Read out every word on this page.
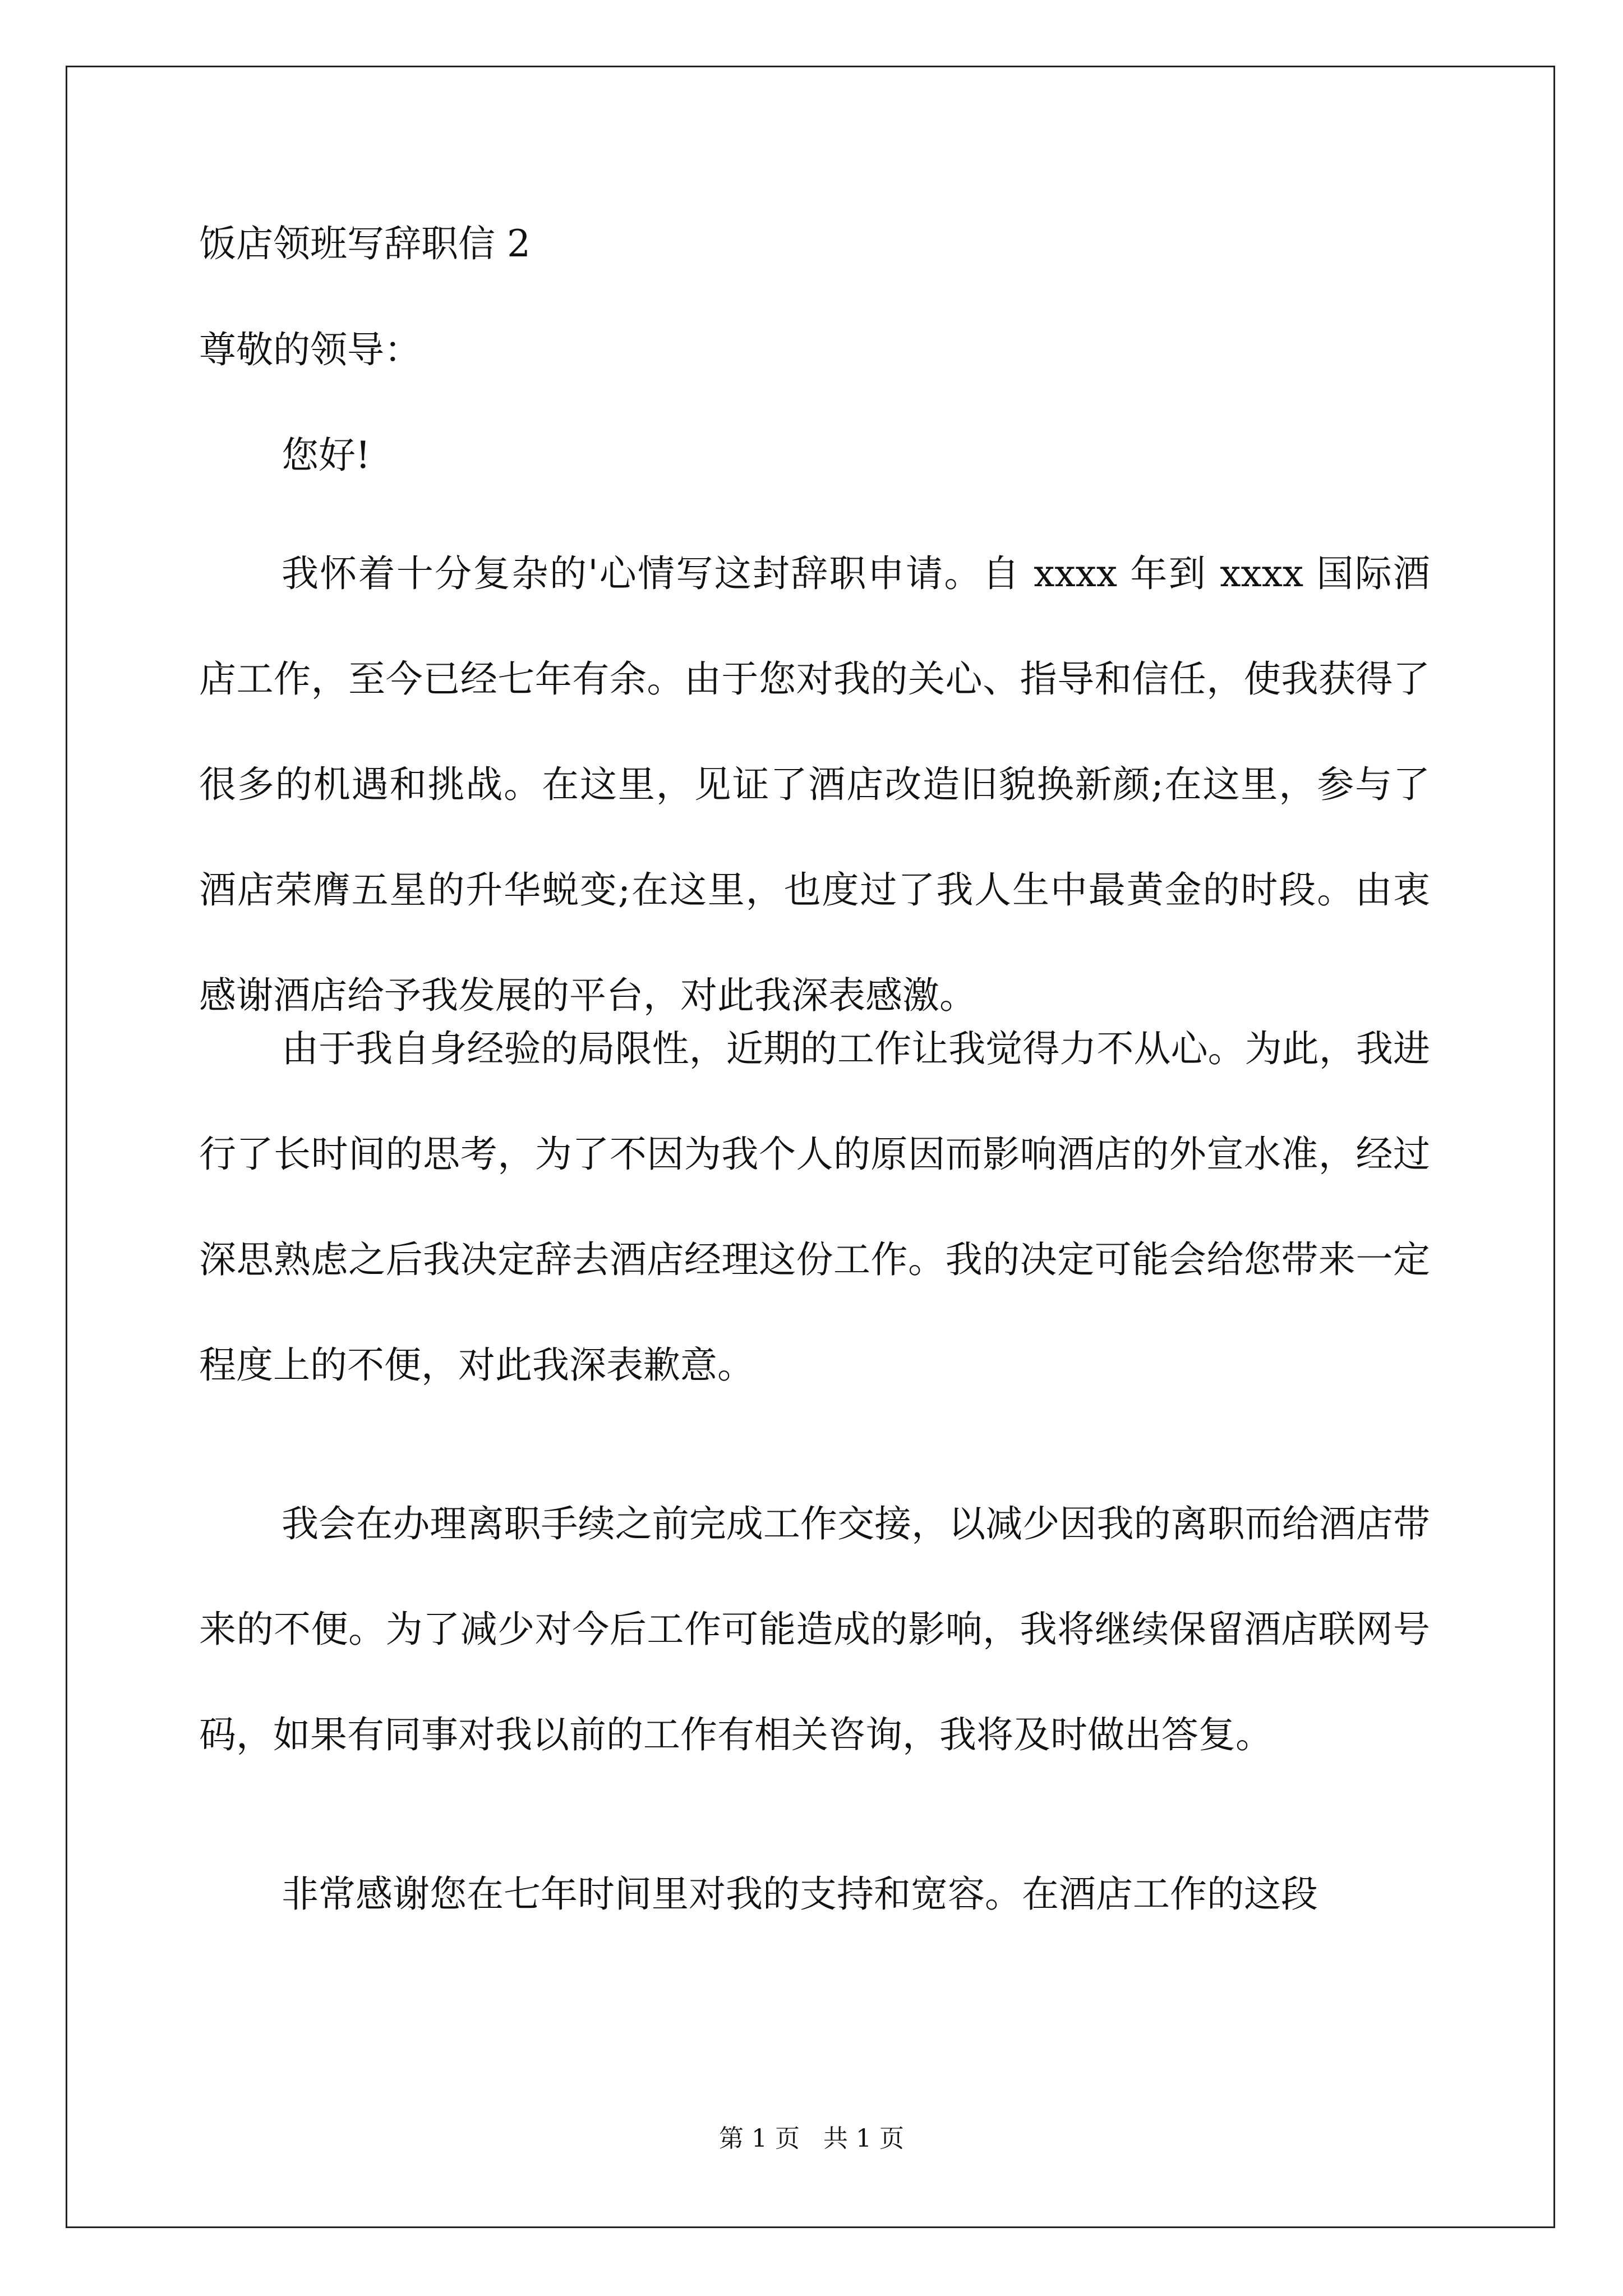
饭店领班写辞职信 2
尊敬的领导：
您好!

我怀着十分复杂的'心情写这封辞职申请。自 xxxx 年到 xxxx 国际酒店工作，至今已经七年有余。由于您对我的关心、指导和信任，使我获得了很多的机遇和挑战。在这里，见证了酒店改造旧貌换新颜;在这里，参与了酒店荣膺五星的升华蜕变;在这里，也度过了我人生中最黄金的时段。由衷感谢酒店给予我发展的平台，对此我深表感激。

由于我自身经验的局限性，近期的工作让我觉得力不从心。为此，我进行了长时间的思考，为了不因为我个人的原因而影响酒店的外宣水准，经过深思熟虑之后我决定辞去酒店经理这份工作。我的决定可能会给您带来一定程度上的不便，对此我深表歉意。

我会在办理离职手续之前完成工作交接，以减少因我的离职而给酒店带来的不便。为了减少对今后工作可能造成的影响，我将继续保留酒店联网号码，如果有同事对我以前的工作有相关咨询，我将及时做出答复。

非常感谢您在七年时间里对我的支持和宽容。在酒店工作的这段

第 1 页   共 1 页
